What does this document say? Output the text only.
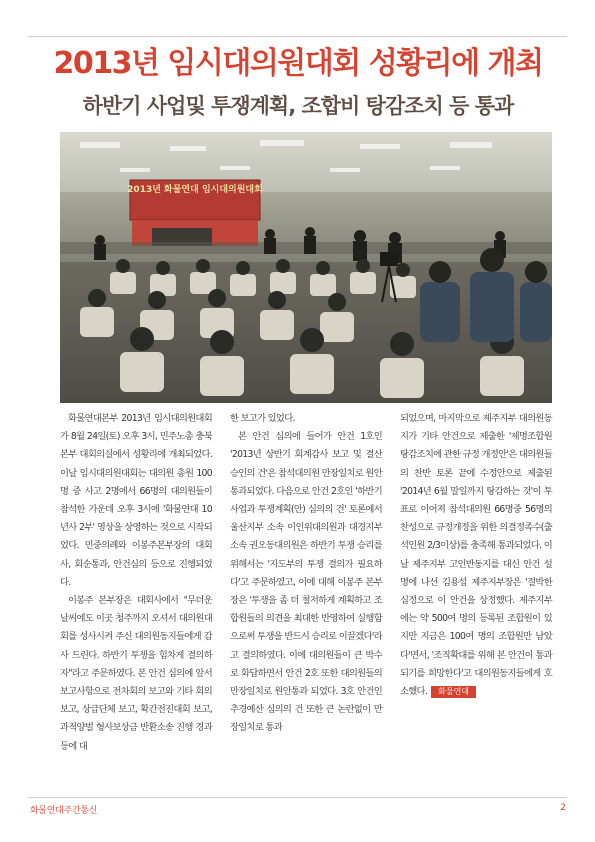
2013년 임시대의원대회 성황리에 개최
하반기 사업및 투쟁계획, 조합비 탕감조치 등 통과
2013년 화물연대 임시대의원대회

화물연대본부 2013년 임시대의원대회가 8월 24일(토) 오후 3시, 민주노총 충북본부 대회의실에서 성황리에 개최되었다. 이날 임시대의원대회는 대의원 총원 100명 중 사고 2명에서 66명의 대의원들이 참석한 가운데 오후 3시에 '화물연대 10년사 2부' 영상을 상영하는 것으로 시작되었다. 민중의례와 이봉주본부장의 대회사, 회순통과, 안건심의 등으로 진행되었다.

이봉주 본부장은 대회사에서 "무더운 날씨에도 이곳 청주까지 오셔서 대의원대회를 성사시켜 주신 대의원동지들에게 감사 드린다. 하반기 투쟁을 힘차게 결의하자"라고 주문하였다. 본 안건 심의에 앞서 보고사항으로 전차회의 보고와 기타 회의 보고, 상급단체 보고, 확간전진대회 보고, 과적양벌 형사보상금 반환소송 진행 경과 등에 대

한 보고가 있었다.

본 안건 심의에 들어가 안건 1호인 '2013년 상반기 회계감사 보고 및 결산 승인의 건'은 참석대의원 만장일치로 원안통과되었다. 다음으로 안건 2호인 '하반기 사업과 투쟁계획(안) 심의의 건' 토론에서 울산지부 소속 이인위대의원과 대경지부 소속 권오동대의원은 하반기 투쟁 승리를 위해서는 '지도부의 투쟁 결의가 필요하다'고 주문하였고, 이에 대해 이봉주 본부장은 '투쟁을 좀 더 철저하게 계획하고 조합원들의 의견을 최대한 반영하여 실행함으로써 투쟁을 반드시 승리로 이끌겠다'라고 결의하였다. 이에 대의원들이 큰 박수로 화답하면서 안건 2호 또한 대의원들의 만장일치로 원안통과 되었다. 3호 안건인 추경예산 심의의 건 또한 큰 논란없이 만장일치로 통과

되었으며, 마지막으로 제주지부 대의원동지가 기타 안건으로 제출한 '제명조합원 탕감조치에 관한 규정 개정안'은 대의원들의 찬반 토론 끝에 수정안으로 제출된 '2014년 6월 말일까지 탕감하는 것'이 투표로 이어져 참석대의원 66명중 56명의 찬성으로 규정개정을 위한 의결정족수(출석인원 2/3이상)를 충족해 통과되었다. 이날 제주지부 고인반동지를 대신 안건 설명에 나선 김용섭 제주지부장은 '절박한 심정으로 이 안건을 상정했다. 제주지부에는 약 500여 명의 등록된 조합원이 있지만 지금은 100여 명의 조합원만 남았다'면서, '조직확대를 위해 본 안건이 통과되기를 희망한다'고 대의원동지들에게 호소했다. 화물연대

화물연대주간통신	2
